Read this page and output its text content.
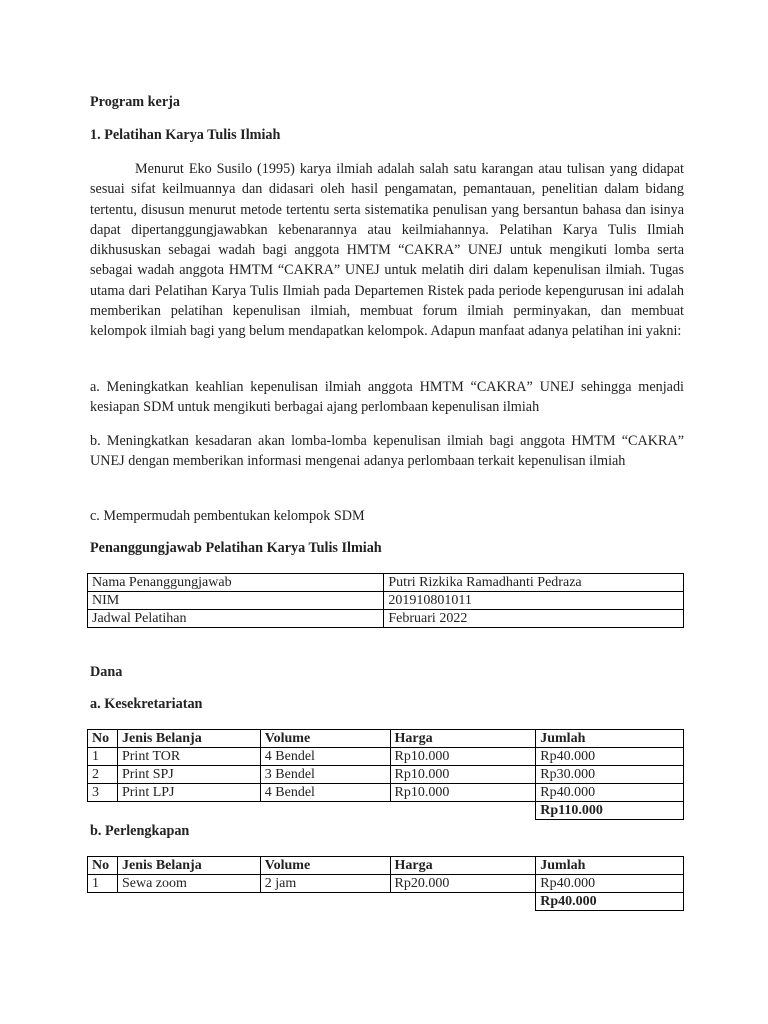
Program kerja
1. Pelatihan Karya Tulis Ilmiah

Menurut Eko Susilo (1995) karya ilmiah adalah salah satu karangan atau tulisan yang didapat sesuai sifat keilmuannya dan didasari oleh hasil pengamatan, pemantauan, penelitian dalam bidang tertentu, disusun menurut metode tertentu serta sistematika penulisan yang bersantun bahasa dan isinya dapat dipertanggungjawabkan kebenarannya atau keilmiahannya. Pelatihan Karya Tulis Ilmiah dikhususkan sebagai wadah bagi anggota HMTM “CAKRA” UNEJ untuk mengikuti lomba serta sebagai wadah anggota HMTM “CAKRA” UNEJ untuk melatih diri dalam kepenulisan ilmiah. Tugas utama dari Pelatihan Karya Tulis Ilmiah pada Departemen Ristek pada periode kepengurusan ini adalah memberikan pelatihan kepenulisan ilmiah, membuat forum ilmiah perminyakan, dan membuat kelompok ilmiah bagi yang belum mendapatkan kelompok. Adapun manfaat adanya pelatihan ini yakni:

a. Meningkatkan keahlian kepenulisan ilmiah anggota HMTM “CAKRA” UNEJ sehingga menjadi kesiapan SDM untuk mengikuti berbagai ajang perlombaan kepenulisan ilmiah

b. Meningkatkan kesadaran akan lomba-lomba kepenulisan ilmiah bagi anggota HMTM “CAKRA” UNEJ dengan memberikan informasi mengenai adanya perlombaan terkait kepenulisan ilmiah

c. Mempermudah pembentukan kelompok SDM

Penanggungjawab Pelatihan Karya Tulis Ilmiah
Nama Penanggungjawab	Putri Rizkika Ramadhanti Pedraza
NIM	201910801011
Jadwal Pelatihan	Februari 2022
Dana
a. Kesekretariatan
No	Jenis Belanja	Volume	Harga	Jumlah
1	Print TOR	4 Bendel	Rp10.000	Rp40.000
2	Print SPJ	3 Bendel	Rp10.000	Rp30.000
3	Print LPJ	4 Bendel	Rp10.000	Rp40.000
				Rp110.000
b. Perlengkapan
No	Jenis Belanja	Volume	Harga	Jumlah
1	Sewa zoom	2 jam	Rp20.000	Rp40.000
				Rp40.000
